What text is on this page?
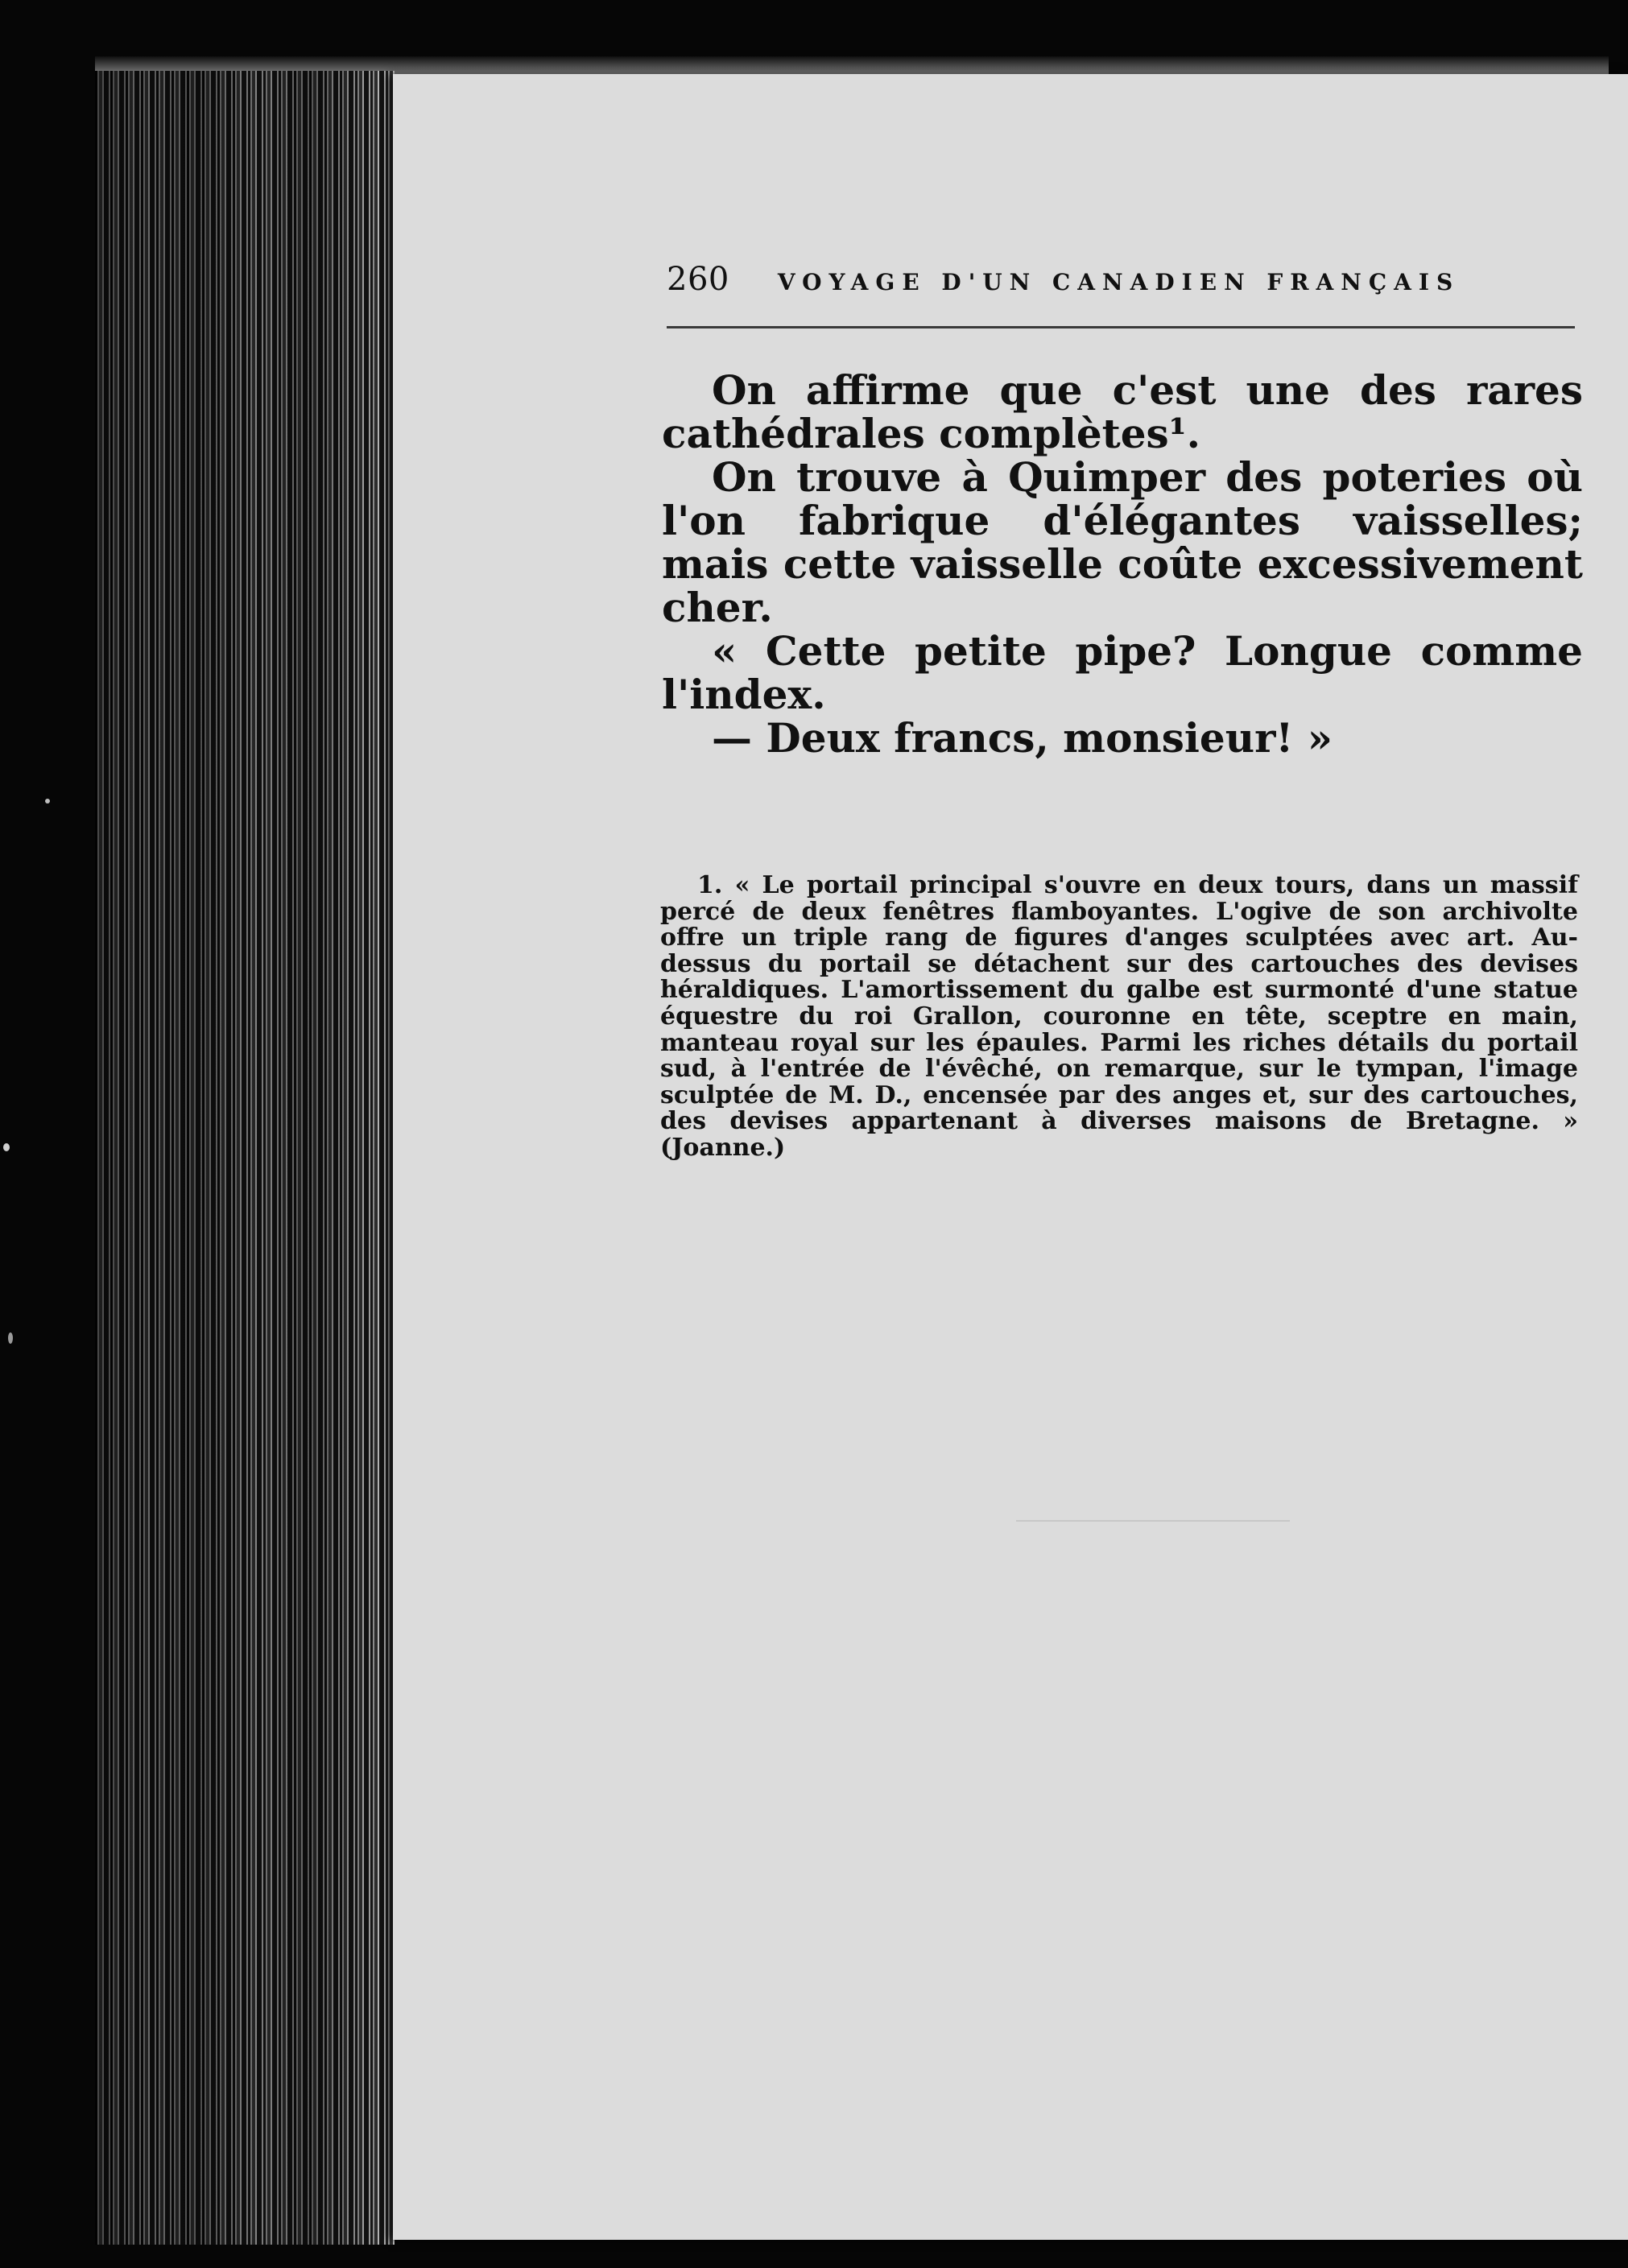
260 VOYAGE D'UN CANADIEN FRANÇAIS

On affirme que c'est une des rares cathédrales complètes¹.

On trouve à Quimper des poteries où l'on fabrique d'élégantes vaisselles; mais cette vaisselle coûte excessivement cher.

« Cette petite pipe? Longue comme l'index.

— Deux francs, monsieur! »

1. « Le portail principal s'ouvre en deux tours, dans un massif percé de deux fenêtres flamboyantes. L'ogive de son archivolte offre un triple rang de figures d'anges sculptées avec art. Au-dessus du portail se détachent sur des cartouches des devises héraldiques. L'amortissement du galbe est surmonté d'une statue équestre du roi Grallon, couronne en tête, sceptre en main, manteau royal sur les épaules. Parmi les riches détails du portail sud, à l'entrée de l'évêché, on remarque, sur le tympan, l'image sculptée de M. D., encensée par des anges et, sur des cartouches, des devises appartenant à diverses maisons de Bretagne. » (Joanne.)
